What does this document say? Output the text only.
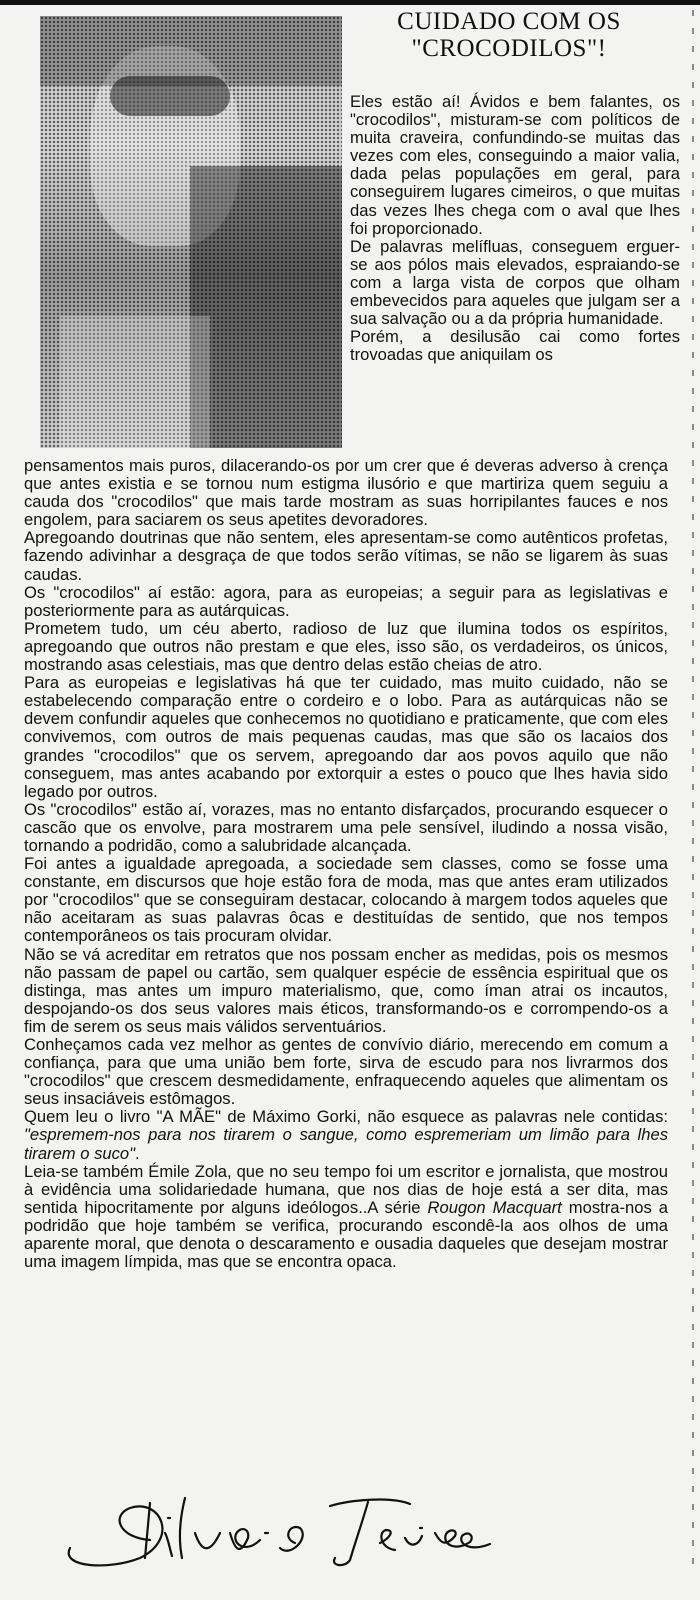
CUIDADO COM OS
"CROCODILOS"!

Eles estão aí! Ávidos e bem falantes, os "crocodilos", misturam-se com políticos de muita craveira, confundindo-se muitas das vezes com eles, conseguindo a maior valia, dada pelas populações em geral, para conseguirem lugares cimeiros, o que muitas das vezes lhes chega com o aval que lhes foi proporcionado.

De palavras melífluas, conseguem erguer-se aos pólos mais elevados, espraiando-se com a larga vista de corpos que olham embevecidos para aqueles que julgam ser a sua salvação ou a da própria humanidade.

Porém, a desilusão cai como fortes trovoadas que aniquilam os

pensamentos mais puros, dilacerando-os por um crer que é deveras adverso à crença que antes existia e se tornou num estigma ilusório e que martiriza quem seguiu a cauda dos "crocodilos" que mais tarde mostram as suas horripilantes fauces e nos engolem, para saciarem os seus apetites devoradores.

Apregoando doutrinas que não sentem, eles apresentam-se como autênticos profetas, fazendo adivinhar a desgraça de que todos serão vítimas, se não se ligarem às suas caudas.

Os "crocodilos" aí estão: agora, para as europeias; a seguir para as legislativas e posteriormente para as autárquicas.

Prometem tudo, um céu aberto, radioso de luz que ilumina todos os espíritos, apregoando que outros não prestam e que eles, isso são, os verdadeiros, os únicos, mostrando asas celestiais, mas que dentro delas estão cheias de atro.

Para as europeias e legislativas há que ter cuidado, mas muito cuidado, não se estabelecendo comparação entre o cordeiro e o lobo. Para as autárquicas não se devem confundir aqueles que conhecemos no quotidiano e praticamente, que com eles convivemos, com outros de mais pequenas caudas, mas que são os lacaios dos grandes "crocodilos" que os servem, apregoando dar aos povos aquilo que não conseguem, mas antes acabando por extorquir a estes o pouco que lhes havia sido legado por outros.

Os "crocodilos" estão aí, vorazes, mas no entanto disfarçados, procurando esquecer o cascão que os envolve, para mostrarem uma pele sensível, iludindo a nossa visão, tornando a podridão, como a salubridade alcançada.

Foi antes a igualdade apregoada, a sociedade sem classes, como se fosse uma constante, em discursos que hoje estão fora de moda, mas que antes eram utilizados por "crocodilos" que se conseguiram destacar, colocando à margem todos aqueles que não aceitaram as suas palavras ôcas e destituídas de sentido, que nos tempos contemporâneos os tais procuram olvidar.

Não se vá acreditar em retratos que nos possam encher as medidas, pois os mesmos não passam de papel ou cartão, sem qualquer espécie de essência espiritual que os distinga, mas antes um impuro materialismo, que, como íman atrai os incautos, despojando-os dos seus valores mais éticos, transformando-os e corrompendo-os a fim de serem os seus mais válidos serventuários.

Conheçamos cada vez melhor as gentes de convívio diário, merecendo em comum a confiança, para que uma união bem forte, sirva de escudo para nos livrarmos dos "crocodilos" que crescem desmedidamente, enfraquecendo aqueles que alimentam os seus insaciáveis estômagos.

Quem leu o livro "A MÃE" de Máximo Gorki, não esquece as palavras nele contidas: "espremem-nos para nos tirarem o sangue, como espremeriam um limão para lhes tirarem o suco".

Leia-se também Émile Zola, que no seu tempo foi um escritor e jornalista, que mostrou à evidência uma solidariedade humana, que nos dias de hoje está a ser dita, mas sentida hipocritamente por alguns ideólogos..A série Rougon Macquart mostra-nos a podridão que hoje também se verifica, procurando escondê-la aos olhos de uma aparente moral, que denota o descaramento e ousadia daqueles que desejam mostrar uma imagem límpida, mas que se encontra opaca.
